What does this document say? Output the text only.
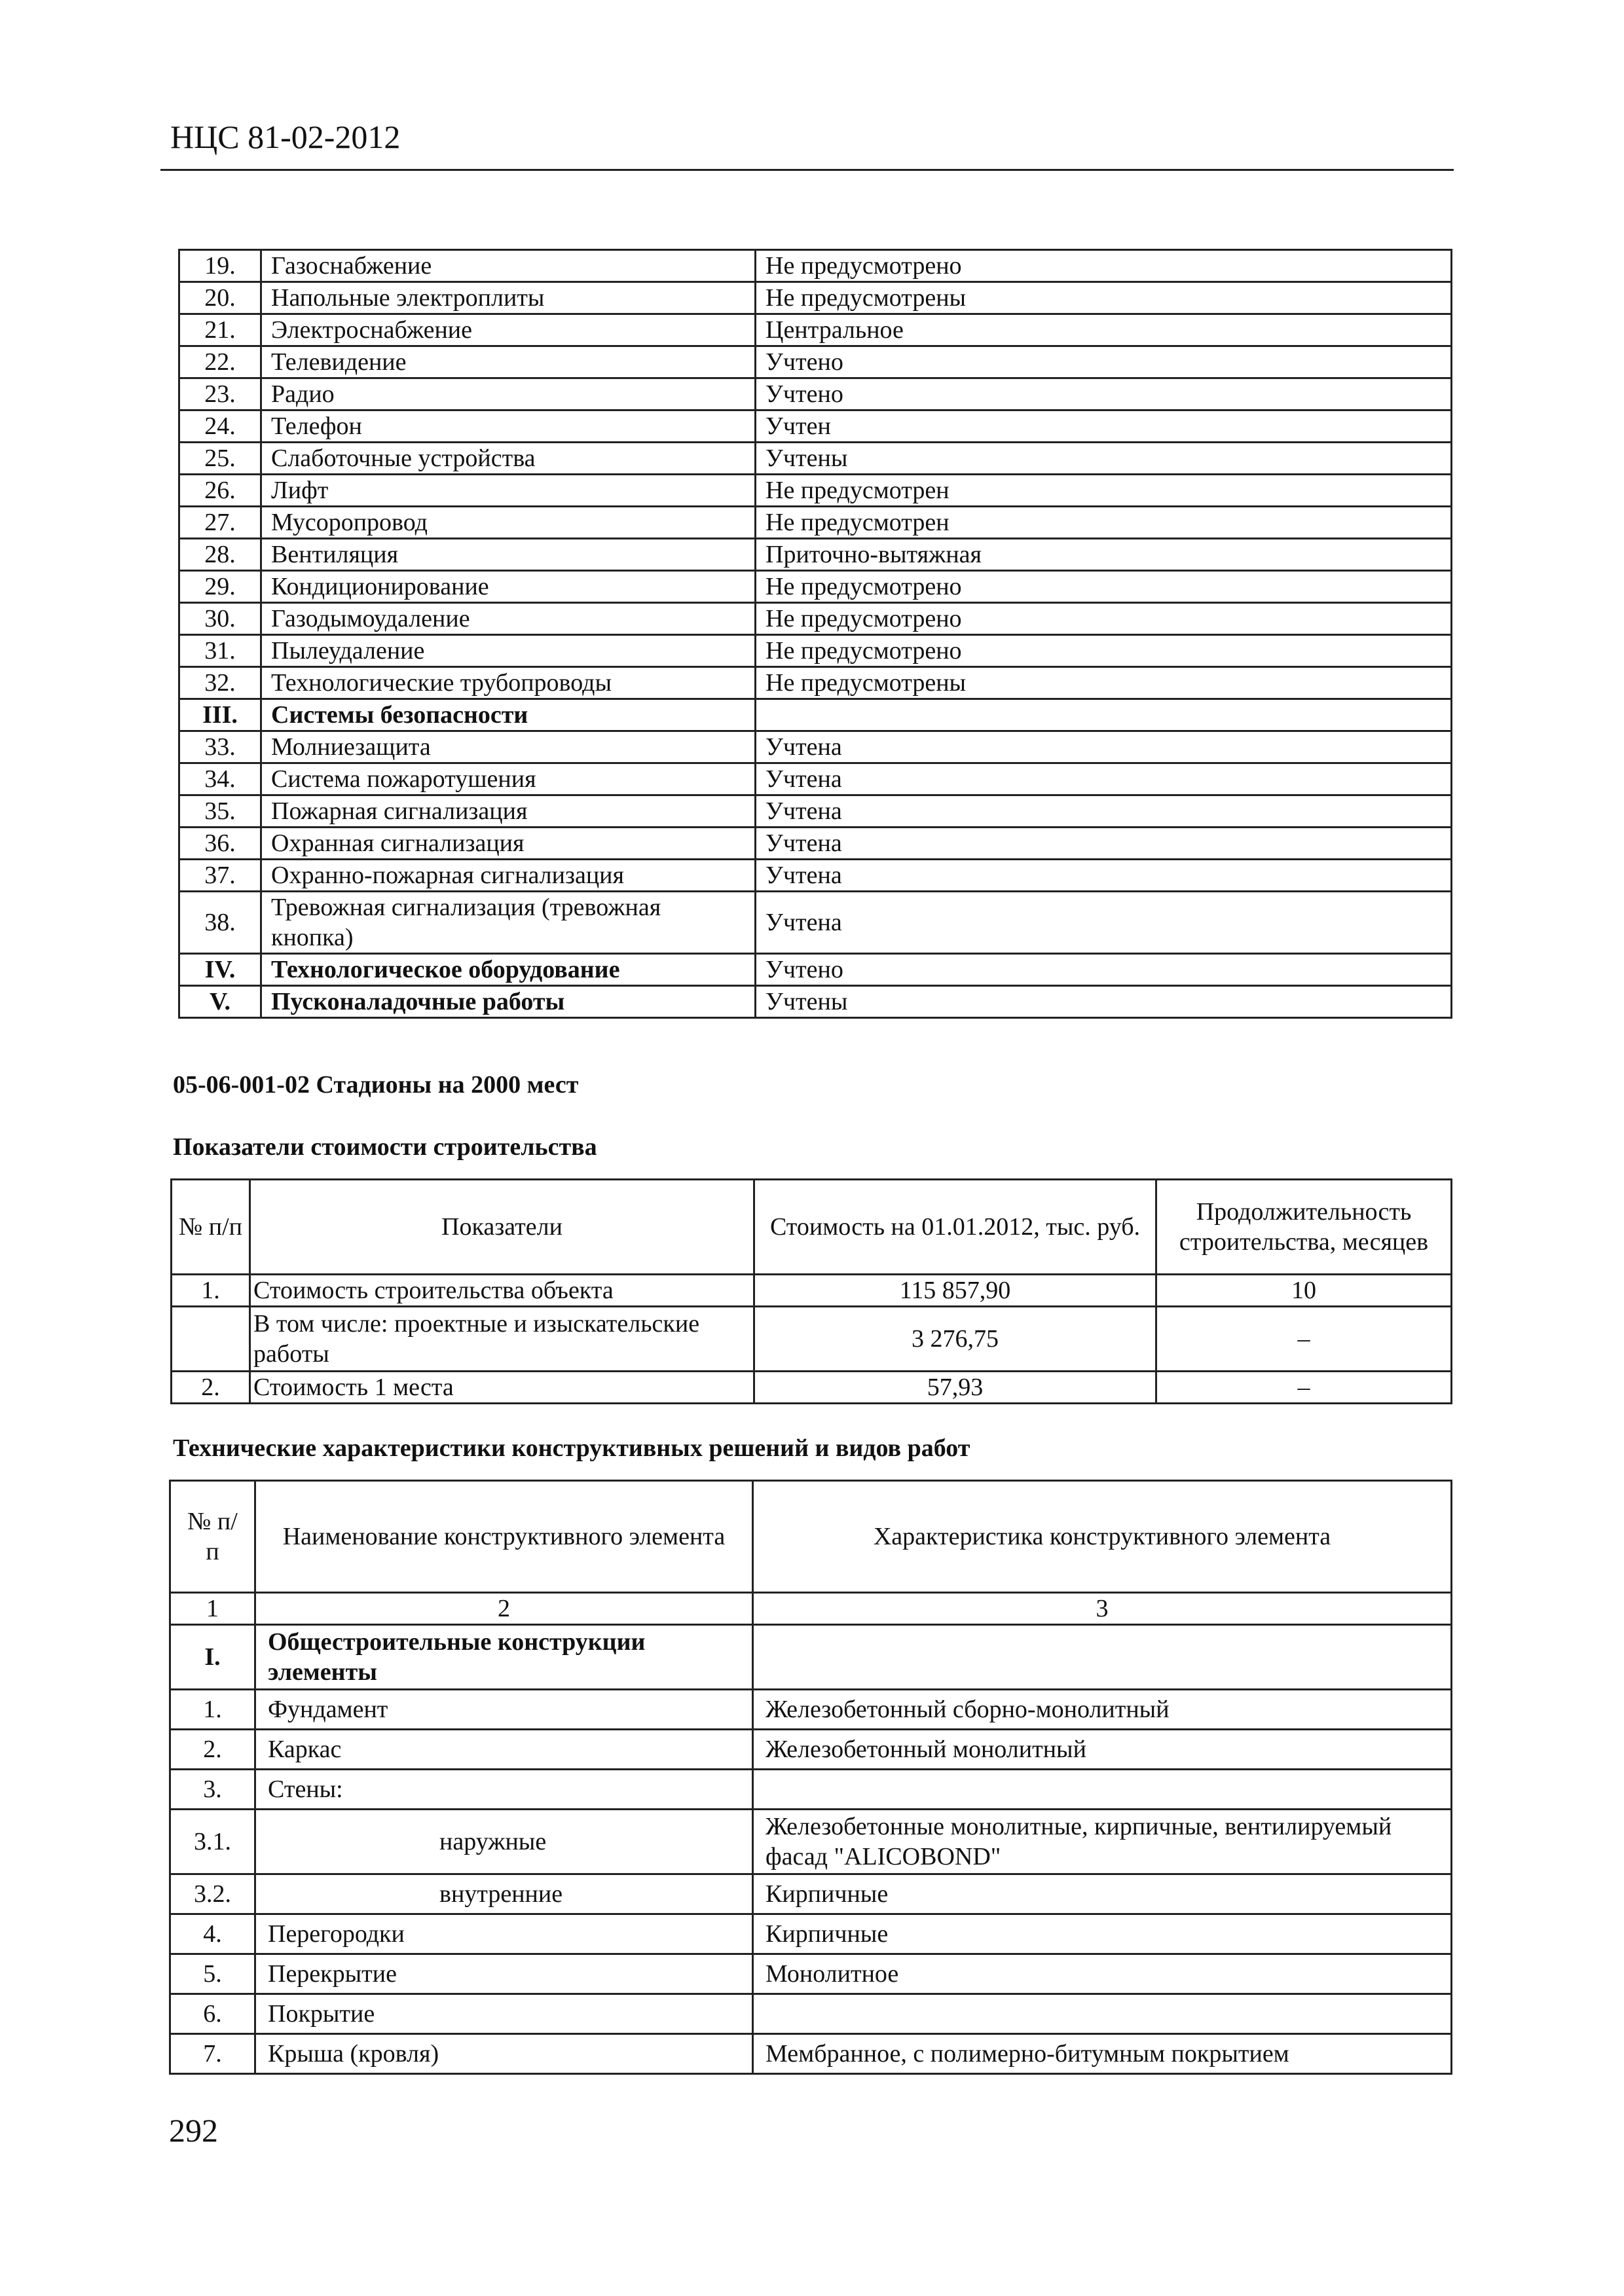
НЦС 81-02-2012
19.	Газоснабжение	Не предусмотрено
20.	Напольные электроплиты	Не предусмотрены
21.	Электроснабжение	Центральное
22.	Телевидение	Учтено
23.	Радио	Учтено
24.	Телефон	Учтен
25.	Слаботочные устройства	Учтены
26.	Лифт	Не предусмотрен
27.	Мусоропровод	Не предусмотрен
28.	Вентиляция	Приточно-вытяжная
29.	Кондиционирование	Не предусмотрено
30.	Газодымоудаление	Не предусмотрено
31.	Пылеудаление	Не предусмотрено
32.	Технологические трубопроводы	Не предусмотрены
III.	Системы безопасности	
33.	Молниезащита	Учтена
34.	Система пожаротушения	Учтена
35.	Пожарная сигнализация	Учтена
36.	Охранная сигнализация	Учтена
37.	Охранно-пожарная сигнализация	Учтена
38.	Тревожная сигнализация (тревожная кнопка)	Учтена
IV.	Технологическое оборудование	Учтено
V.	Пусконаладочные работы	Учтены
05-06-001-02 Стадионы на 2000 мест
Показатели стоимости строительства
№ п/п	Показатели	Стоимость на 01.01.2012, тыс. руб.	Продолжительность строительства, месяцев
1.	Стоимость строительства объекта	115 857,90	10
	В том числе: проектные и изыскательские работы	3 276,75	–
2.	Стоимость 1 места	57,93	–
Технические характеристики конструктивных решений и видов работ
№ п/п	Наименование конструктивного элемента	Характеристика конструктивного элемента
1	2	3
I.	Общестроительные конструкции элементы	
1.	Фундамент	Железобетонный сборно-монолитный
2.	Каркас	Железобетонный монолитный
3.	Стены:	
3.1.	наружные	Железобетонные монолитные, кирпичные, вентилируемый фасад "ALICOBOND"
3.2.	внутренние	Кирпичные
4.	Перегородки	Кирпичные
5.	Перекрытие	Монолитное
6.	Покрытие	
7.	Крыша (кровля)	Мембранное, с полимерно-битумным покрытием
292
